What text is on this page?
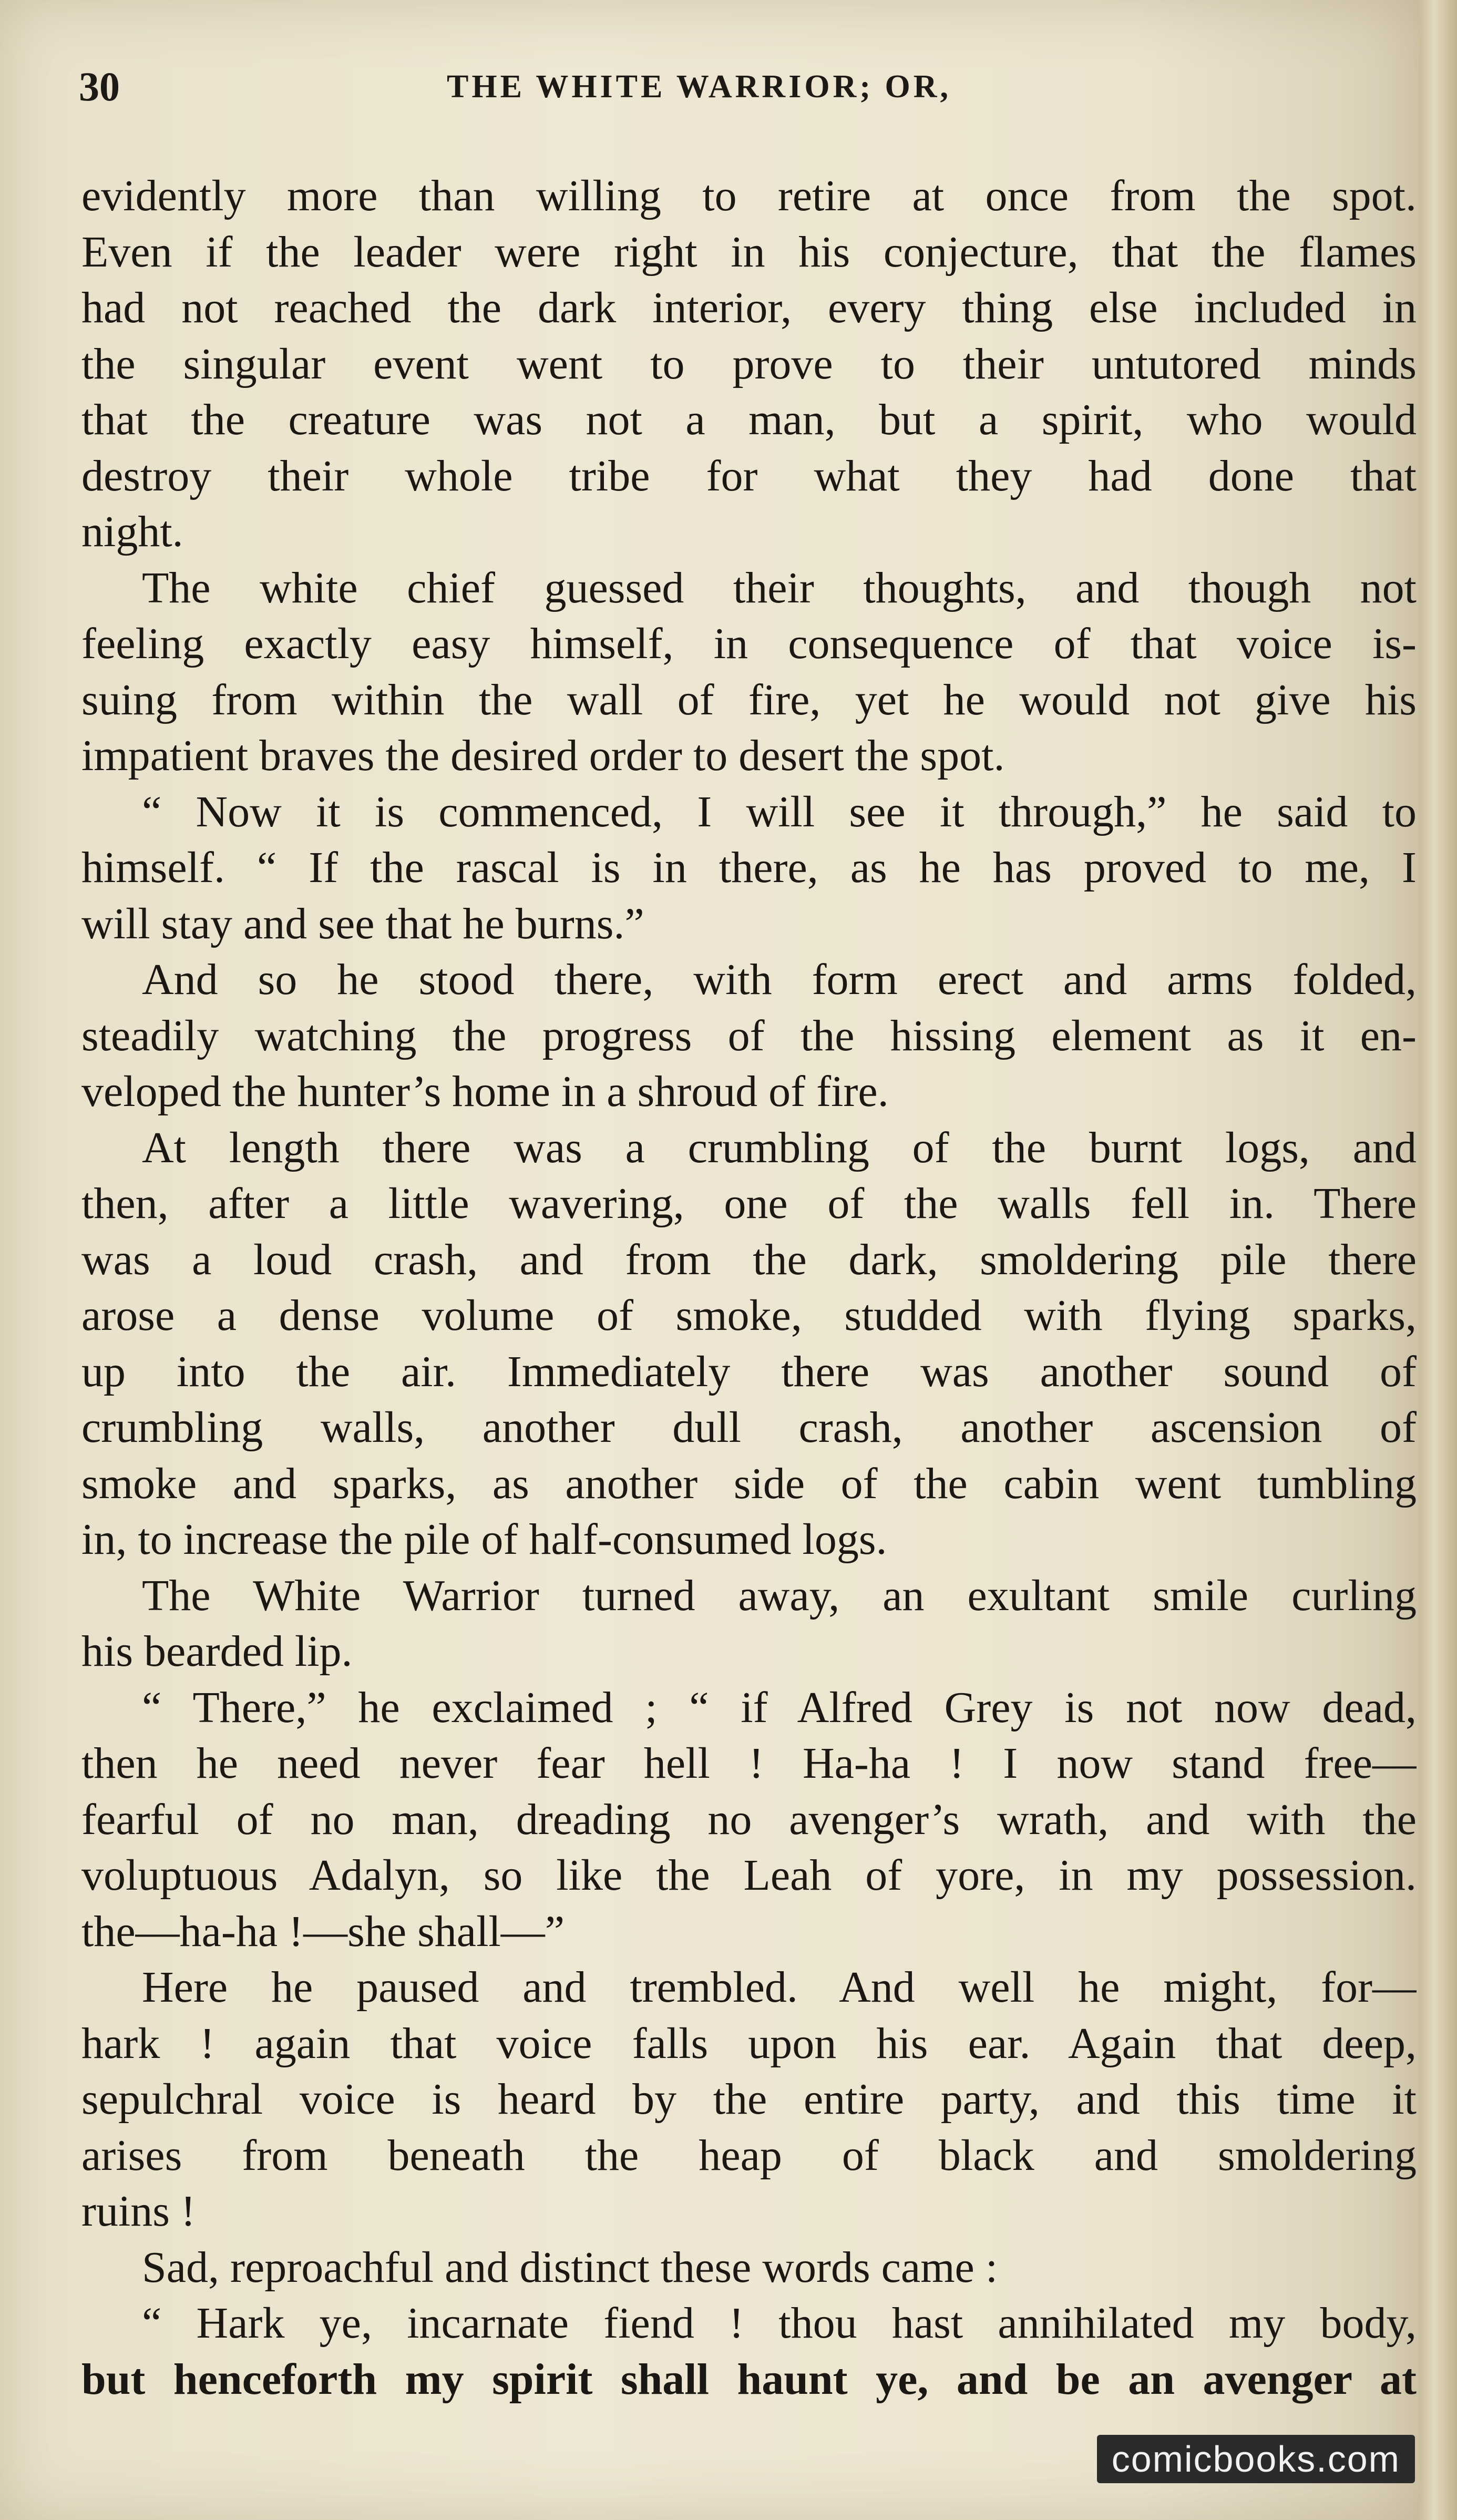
30	THE WHITE WARRIOR; OR,
evidently more than willing to retire at once from the spot.
Even if the leader were right in his conjecture, that the flames
had not reached the dark interior, every thing else included in
the singular event went to prove to their untutored minds
that the creature was not a man, but a spirit, who would
destroy their whole tribe for what they had done that
night.
The white chief guessed their thoughts, and though not
feeling exactly easy himself, in consequence of that voice is-
suing from within the wall of fire, yet he would not give his
impatient braves the desired order to desert the spot.
“ Now it is commenced, I will see it through,” he said to
himself. “ If the rascal is in there, as he has proved to me, I
will stay and see that he burns.”
And so he stood there, with form erect and arms folded,
steadily watching the progress of the hissing element as it en-
veloped the hunter’s home in a shroud of fire.
At length there was a crumbling of the burnt logs, and
then, after a little wavering, one of the walls fell in. There
was a loud crash, and from the dark, smoldering pile there
arose a dense volume of smoke, studded with flying sparks,
up into the air. Immediately there was another sound of
crumbling walls, another dull crash, another ascension of
smoke and sparks, as another side of the cabin went tumbling
in, to increase the pile of half-consumed logs.
The White Warrior turned away, an exultant smile curling
his bearded lip.
“ There,” he exclaimed ; “ if Alfred Grey is not now dead,
then he need never fear hell ! Ha-ha ! I now stand free—
fearful of no man, dreading no avenger’s wrath, and with the
voluptuous Adalyn, so like the Leah of yore, in my possession.
the—ha-ha !—she shall—”
Here he paused and trembled. And well he might, for—
hark ! again that voice falls upon his ear. Again that deep,
sepulchral voice is heard by the entire party, and this time it
arises from beneath the heap of black and smoldering
ruins !
Sad, reproachful and distinct these words came :
“ Hark ye, incarnate fiend ! thou hast annihilated my body,
but henceforth my spirit shall haunt ye, and be an avenger at
comicbooks.com
